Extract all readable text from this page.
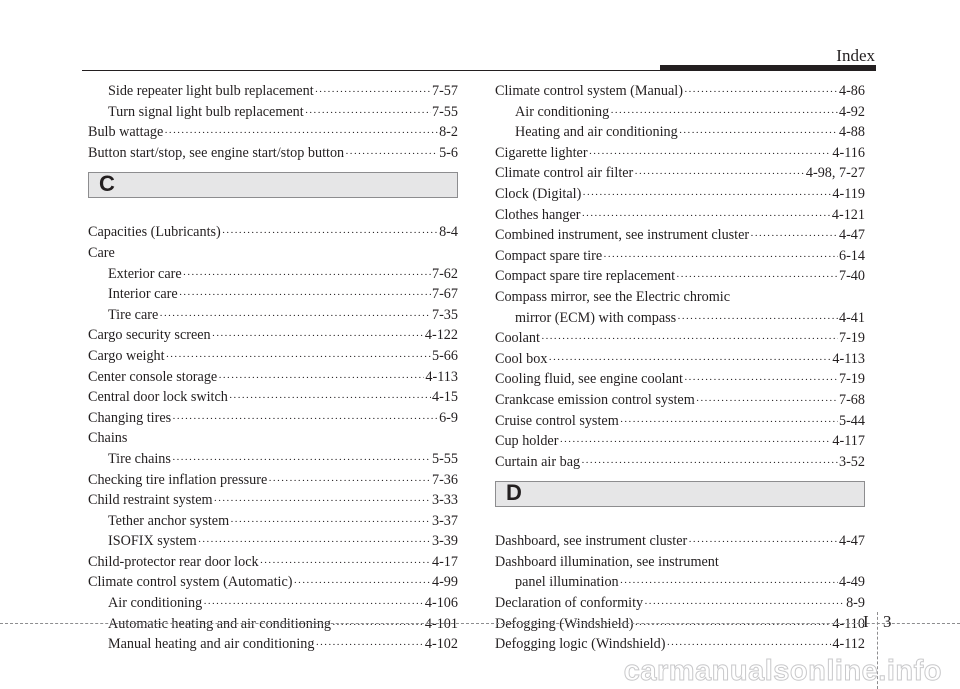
Index
Side repeater light bulb replacement ·····	7-57
Turn signal light bulb replacement ·····	7-55
Bulb wattage ·····	8-2
Button start/stop, see engine start/stop button ·····	5-6
C
Capacities (Lubricants) ·····	8-4
Care
Exterior care ·····	7-62
Interior care ·····	7-67
Tire care ·····	7-35
Cargo security screen ·····	4-122
Cargo weight ·····	5-66
Center console storage ·····	4-113
Central door lock switch ·····	4-15
Changing tires ·····	6-9
Chains
Tire chains ·····	5-55
Checking tire inflation pressure ·····	7-36
Child restraint system ·····	3-33
Tether anchor system ·····	3-37
ISOFIX system ·····	3-39
Child-protector rear door lock ·····	4-17
Climate control system (Automatic) ·····	4-99
Air conditioning ·····	4-106
Automatic heating and air conditioning ·····	4-101
Manual heating and air conditioning ·····	4-102
Climate control system (Manual) ·····	4-86
Air conditioning ·····	4-92
Heating and air conditioning ·····	4-88
Cigarette lighter ·····	4-116
Climate control air filter ·····	4-98, 7-27
Clock (Digital) ·····	4-119
Clothes hanger ·····	4-121
Combined instrument, see instrument cluster ·····	4-47
Compact spare tire ·····	6-14
Compact spare tire replacement ·····	7-40
Compass mirror, see the Electric chromic
mirror (ECM) with compass ·····	4-41
Coolant ·····	7-19
Cool box ·····	4-113
Cooling fluid, see engine coolant ·····	7-19
Crankcase emission control system ·····	7-68
Cruise control system ·····	5-44
Cup holder ·····	4-117
Curtain air bag ·····	3-52
D
Dashboard, see instrument cluster ·····	4-47
Dashboard illumination, see instrument
panel illumination ·····	4-49
Declaration of conformity ·····	8-9
Defogging (Windshield) ·····	4-110
Defogging logic (Windshield) ·····	4-112
I 3
carmanualsonline.info
